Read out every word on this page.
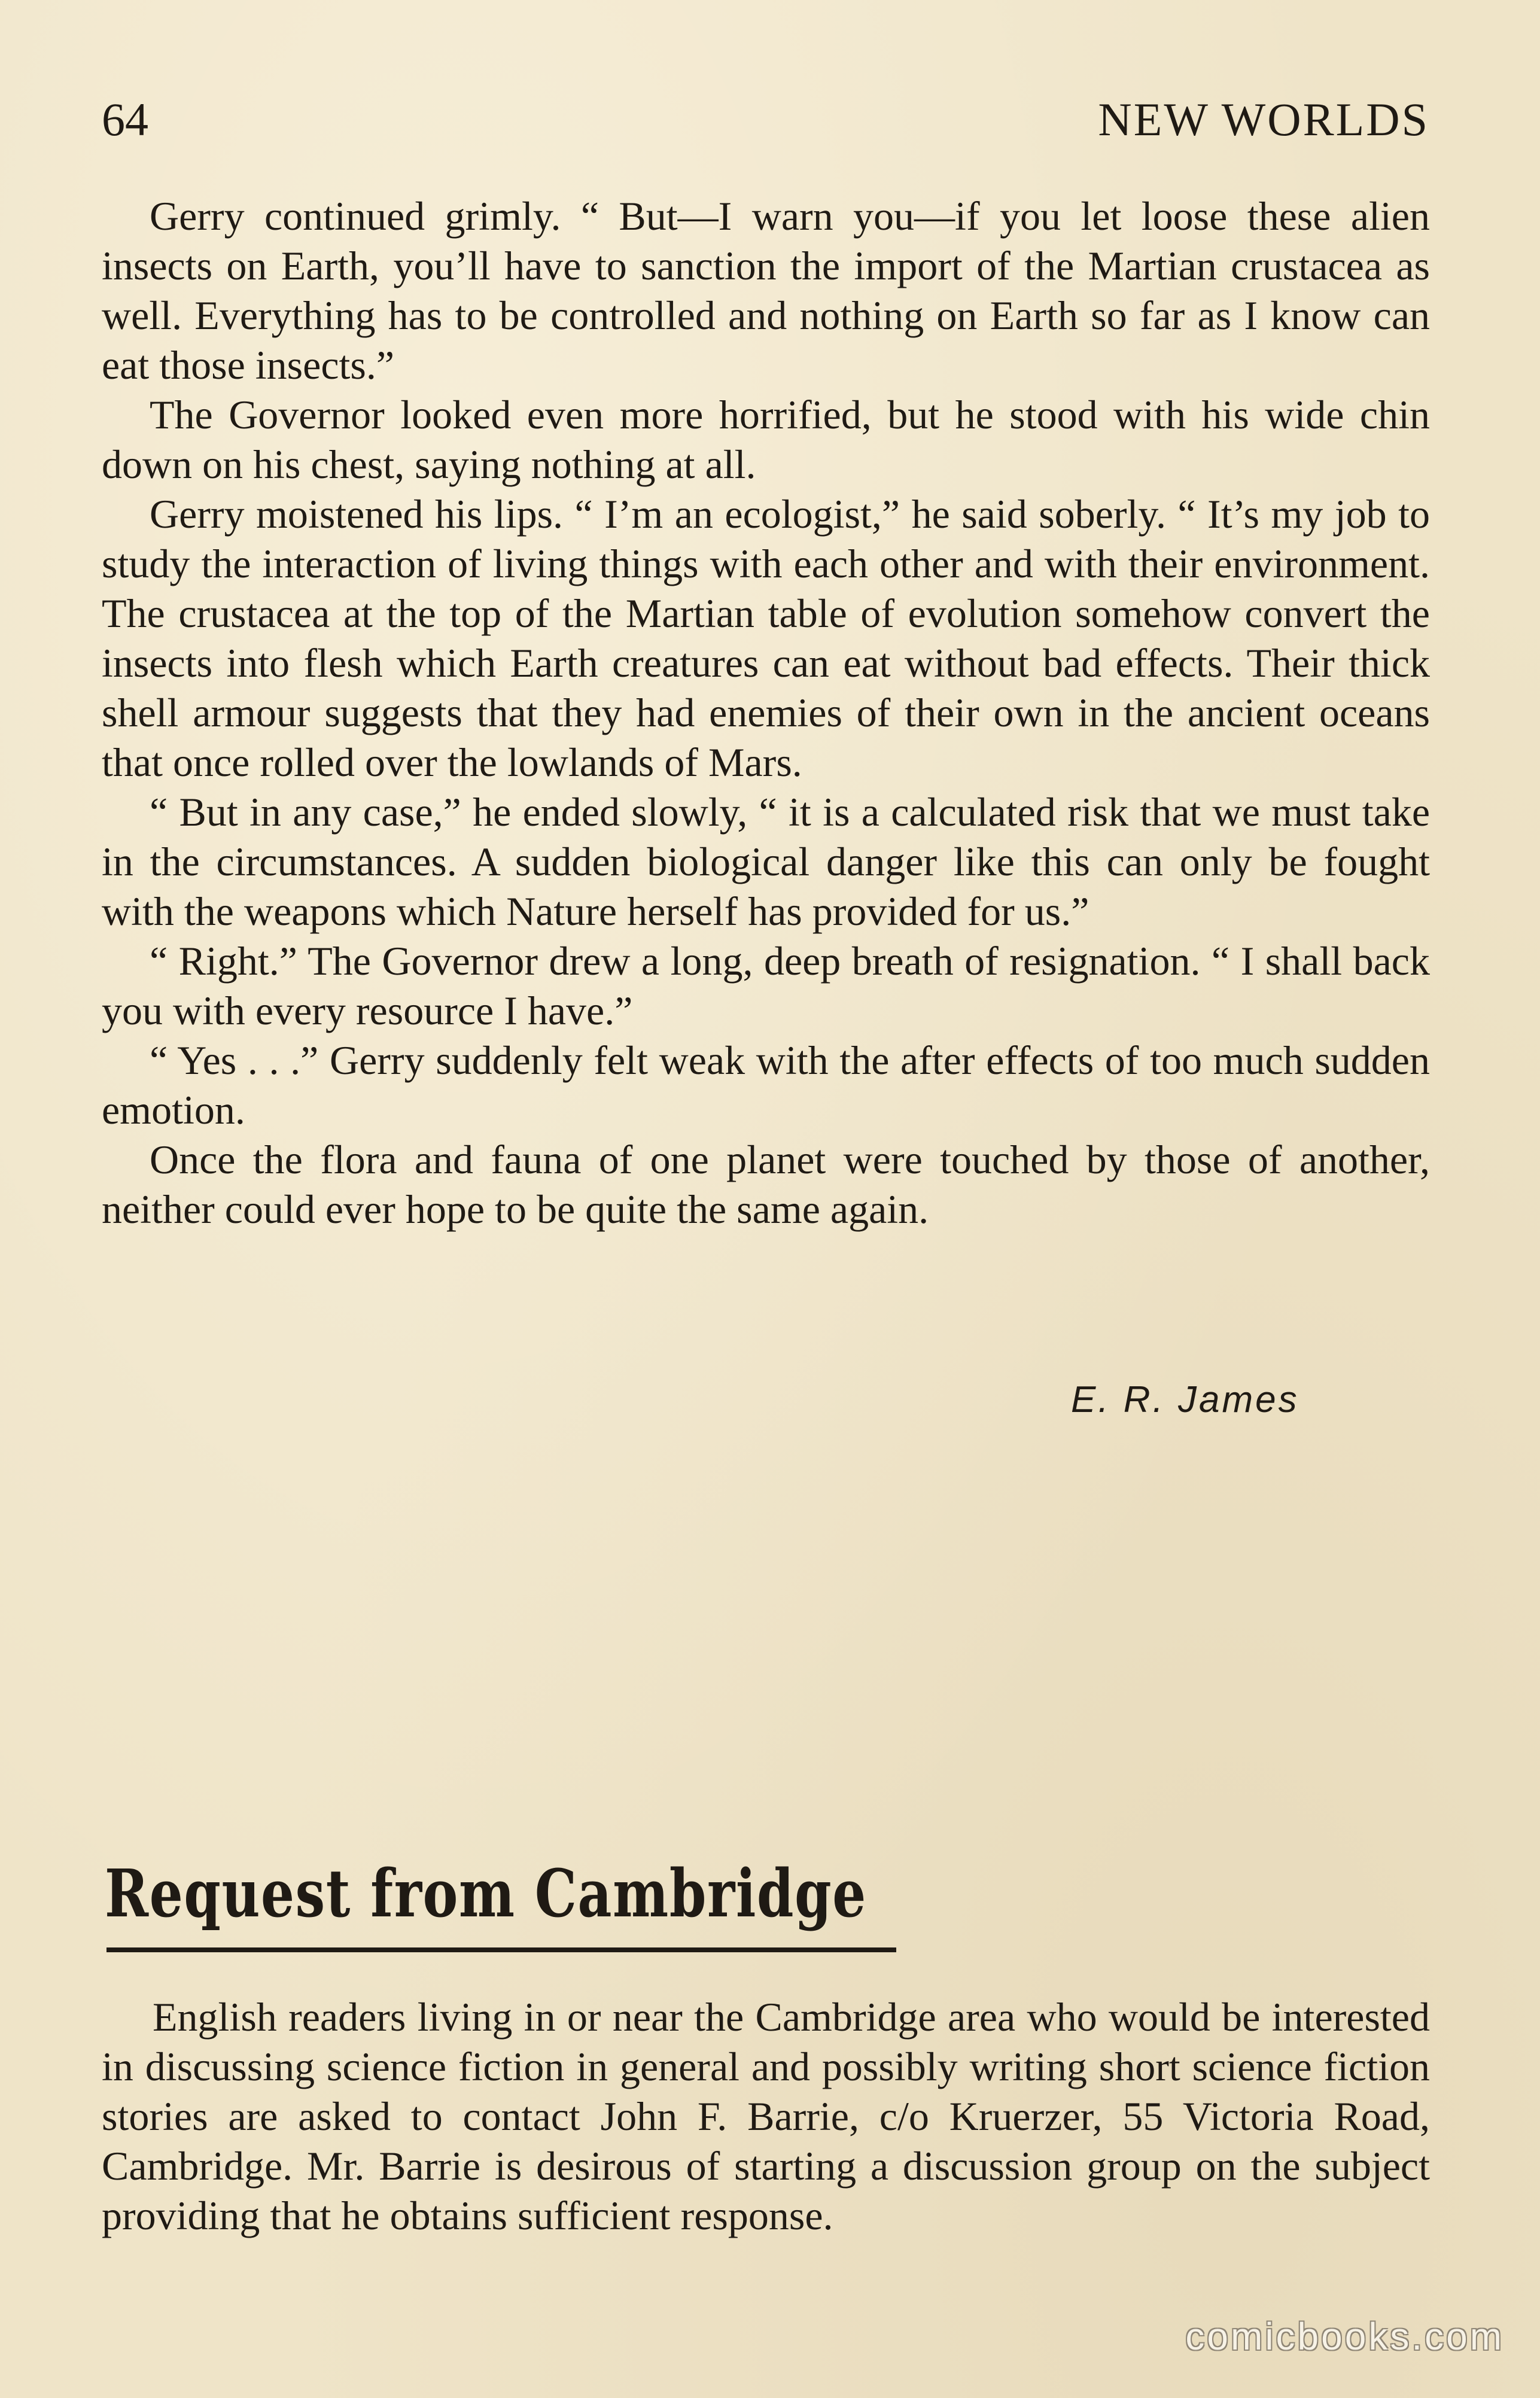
64	NEW WORLDS

Gerry continued grimly. “ But—I warn you—if you let loose these alien insects on Earth, you’ll have to sanction the import of the Martian crustacea as well. Everything has to be controlled and nothing on Earth so far as I know can eat those insects.”

The Governor looked even more horrified, but he stood with his wide chin down on his chest, saying nothing at all.

Gerry moistened his lips. “ I’m an ecologist,” he said soberly. “ It’s my job to study the interaction of living things with each other and with their environment. The crustacea at the top of the Martian table of evolution somehow convert the insects into flesh which Earth creatures can eat without bad effects. Their thick shell armour suggests that they had enemies of their own in the ancient oceans that once rolled over the lowlands of Mars.

“ But in any case,” he ended slowly, “ it is a calculated risk that we must take in the circumstances. A sudden biological danger like this can only be fought with the weapons which Nature herself has provided for us.”

“ Right.” The Governor drew a long, deep breath of resignation. “ I shall back you with every resource I have.”

“ Yes . . .” Gerry suddenly felt weak with the after effects of too much sudden emotion.

Once the flora and fauna of one planet were touched by those of another, neither could ever hope to be quite the same again.

E. R. James
Request from Cambridge

English readers living in or near the Cambridge area who would be interested in discussing science fiction in general and possibly writing short science fiction stories are asked to contact John F. Barrie, c/o Kruerzer, 55 Victoria Road, Cambridge. Mr. Barrie is desirous of starting a discussion group on the subject providing that he obtains sufficient response.

comicbooks.com
